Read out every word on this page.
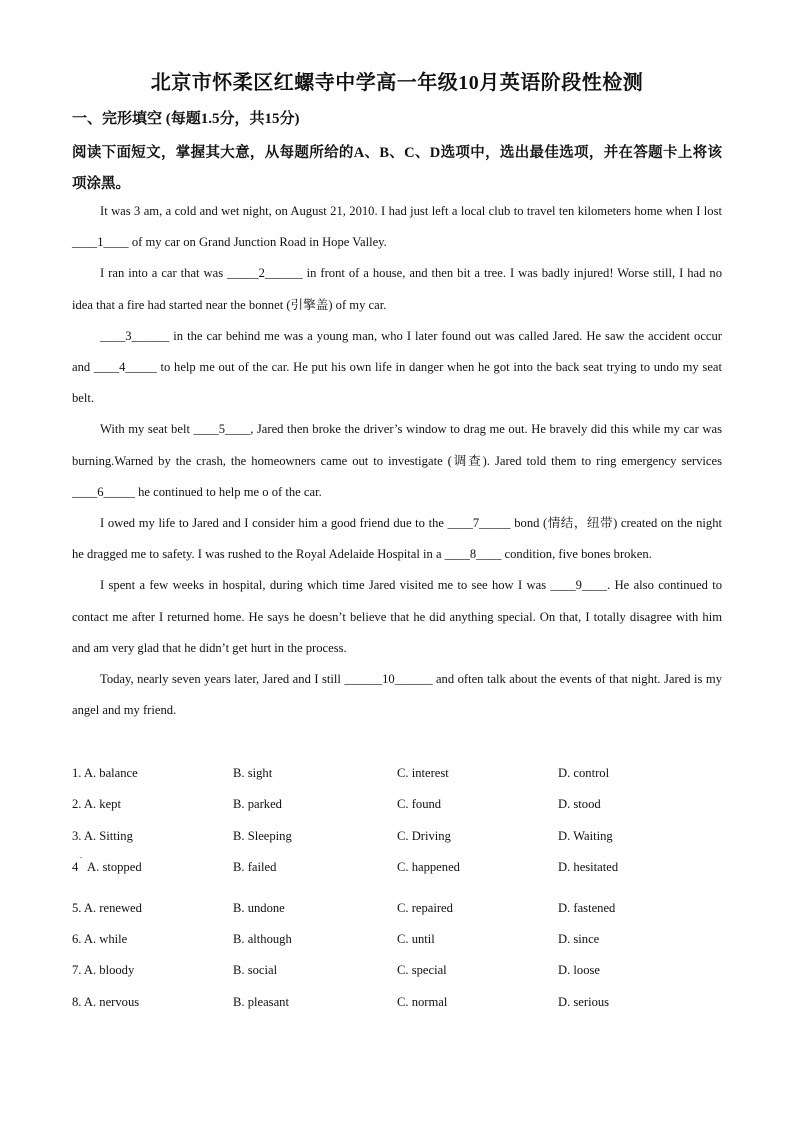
北京市怀柔区红螺寺中学高一年级10月英语阶段性检测
一、完形填空 (每题1.5分，共15分)
阅读下面短文，掌握其大意，从每题所给的A、B、C、D选项中，选出最佳选项，并在答题卡上将该项涂黑。

It was 3 am, a cold and wet night, on August 21, 2010. I had just left a local club to travel ten kilometers home when I lost ____1____ of my car on Grand Junction Road in Hope Valley.

I ran into a car that was _____2______ in front of a house, and then bit a tree. I was badly injured! Worse still, I had no idea that a fire had started near the bonnet (引擎盖) of my car.

____3______ in the car behind me was a young man, who I later found out was called Jared. He saw the accident occur and ____4_____ to help me out of the car. He put his own life in danger when he got into the back seat trying to undo my seat belt.

With my seat belt ____5____, Jared then broke the driver’s window to drag me out. He bravely did this while my car was burning.Warned by the crash, the homeowners came out to investigate (调查). Jared told them to ring emergency services ____6_____ he continued to help me o of the car.

I owed my life to Jared and I consider him a good friend due to the ____7_____ bond (情结，纽带) created on the night he dragged me to safety. I was rushed to the Royal Adelaide Hospital in a ____8____ condition, five bones broken.

I spent a few weeks in hospital, during which time Jared visited me to see how I was ____9____. He also continued to contact me after I returned home. He says he doesn’t believe that he did anything special. On that, I totally disagree with him and am very glad that he didn’t get hurt in the process.

Today, nearly seven years later, Jared and I still ______10______ and often talk about the events of that night. Jared is my angel and my friend.

1. A. balance	B. sight	C. interest	D. control
2. A. kept	B. parked	C. found	D. stood
3. A. Sitting	B. Sleeping	C. Driving	D. Waiting
4   A. stopped	B. failed	C. happened	D. hesitated
.
5. A. renewed	B. undone	C. repaired	D. fastened
6. A. while	B. although	C. until	D. since
7. A. bloody	B. social	C. special	D. loose
8. A. nervous	B. pleasant	C. normal	D. serious
